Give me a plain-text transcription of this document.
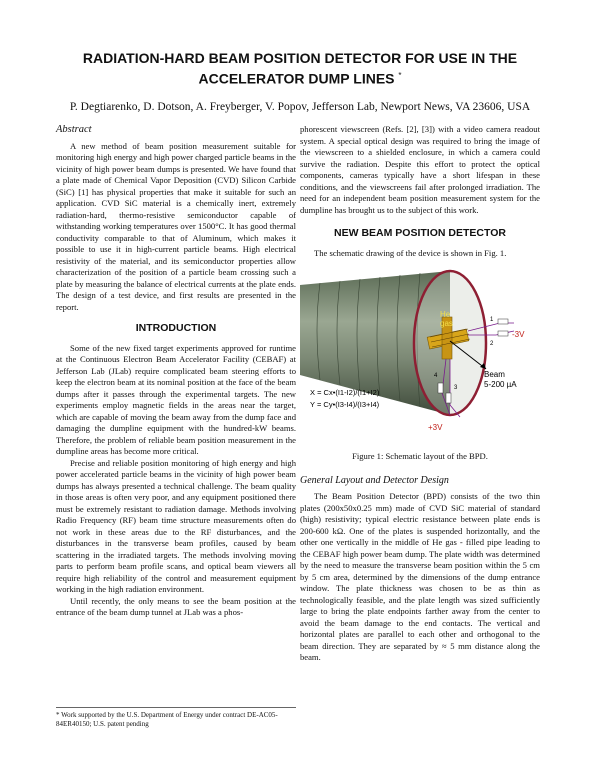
RADIATION-HARD BEAM POSITION DETECTOR FOR USE IN THE
ACCELERATOR DUMP LINES *
P. Degtiarenko, D. Dotson, A. Freyberger, V. Popov, Jefferson Lab, Newport News, VA 23606, USA
Abstract

A new method of beam position measurement suitable for monitoring high energy and high power charged particle beams in the vicinity of high power beam dumps is presented. We have found that a plate made of Chemical Vapor Deposition (CVD) Silicon Carbide (SiC) [1] has physical properties that make it suitable for such an application. CVD SiC material is a chemically inert, extremely radiation-hard, thermo-resistive semiconductor capable of withstanding working temperatures over 1500°C. It has good thermal conductivity comparable to that of Aluminum, which makes it possible to use it in high-current particle beams. High electrical resistivity of the material, and its semiconductor properties allow characterization of the position of a particle beam crossing such a plate by measuring the balance of electrical currents at the plate ends. The design of a test device, and first results are presented in the report.

INTRODUCTION

Some of the new fixed target experiments approved for runtime at the Continuous Electron Beam Accelerator Facility (CEBAF) at Jefferson Lab (JLab) require complicated beam steering efforts to keep the electron beam at its nominal position at the face of the beam dumps after it passes through the experimental targets. The new experiments employ magnetic fields in the areas near the target, which are capable of moving the beam away from the dump face and damaging the dumpline equipment with the hundred-kW beams. Therefore, the problem of reliable beam position measurement in the dumpline areas has become more critical.

Precise and reliable position monitoring of high energy and high power accelerated particle beams in the vicinity of high power beam dumps has always presented a technical challenge. The beam quality in those areas is often very poor, and any equipment positioned there must be extremely resistant to radiation damage. Methods involving Radio Frequency (RF) beam time structure measurements often do not work in these areas due to the RF disturbances, and the disturbances in the transverse beam profiles, caused by beam scattering in the irradiated targets. The methods involving moving parts to perform beam profile scans, and optical beam viewers all require high reliability of the control and measurement equipment working in the high radiation environment.

Until recently, the only means to see the beam position at the entrance of the beam dump tunnel at JLab was a phos-

* Work supported by the U.S. Department of Energy under contract DE-AC05-84ER40150; U.S. patent pending

phorescent viewscreen (Refs. [2], [3]) with a video camera readout system. A special optical design was required to bring the image of the viewscreen to a shielded enclosure, in which a camera could survive the radiation. Despite this effort to protect the optical components, cameras typically have a short lifespan in these conditions, and the viewscreens fail after prolonged irradiation. The need for an independent beam position measurement system for the dumpline has brought us to the subject of this work.

NEW BEAM POSITION DETECTOR

The schematic drawing of the device is shown in Fig. 1.

He
gas	1
2
3
4
-3V
+3V
Beam
5-200 µA
X = Cx•(I1-I2)/(I1+I2)
Y = Cy•(I3-I4)/(I3+I4)

Figure 1: Schematic layout of the BPD.

General Layout and Detector Design

The Beam Position Detector (BPD) consists of the two thin plates (200x50x0.25 mm) made of CVD SiC material of standard (high) resistivity; typical electric resistance between plate ends is 200-600 kΩ. One of the plates is suspended horizontally, and the other one vertically in the middle of He gas - filled pipe leading to the CEBAF high power beam dump. The plate width was determined by the need to measure the transverse beam position within the 5 cm by 5 cm area, determined by the dimensions of the dump entrance window. The plate thickness was chosen to be as thin as technologically feasible, and the plate length was sized sufficiently large to bring the plate endpoints farther away from the center to avoid the beam damage to the end contacts. The vertical and horizontal plates are parallel to each other and orthogonal to the beam direction. They are separated by ≈ 5 mm distance along the beam.
